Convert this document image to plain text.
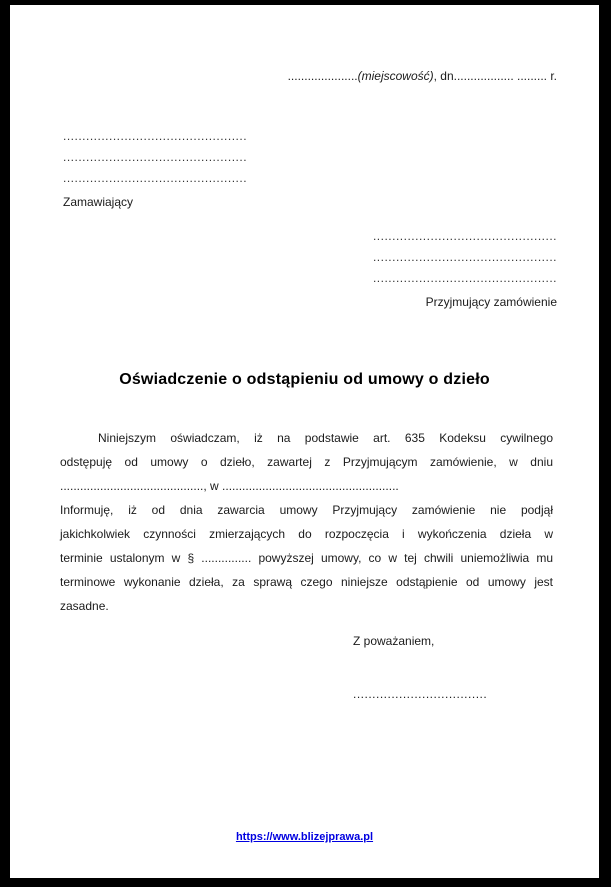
.....................(miejscowość), dn.................. ......... r.
................................................
................................................
................................................
Zamawiający
................................................
................................................
................................................
Przyjmujący zamówienie
Oświadczenie o odstąpieniu od umowy o dzieło
Niniejszym oświadczam, iż na podstawie art. 635 Kodeksu cywilnego
odstępuję od umowy o dzieło, zawartej z Przyjmującym zamówienie, w dniu
..........................................., w .....................................................
Informuję, iż od dnia zawarcia umowy Przyjmujący zamówienie nie podjął
jakichkolwiek czynności zmierzających do rozpoczęcia i wykończenia dzieła w
terminie ustalonym w § ............... powyższej umowy, co w tej chwili uniemożliwia mu
terminowe wykonanie dzieła, za sprawą czego niniejsze odstąpienie od umowy jest
zasadne.
Z poważaniem,
...................................
https://www.blizejprawa.pl
